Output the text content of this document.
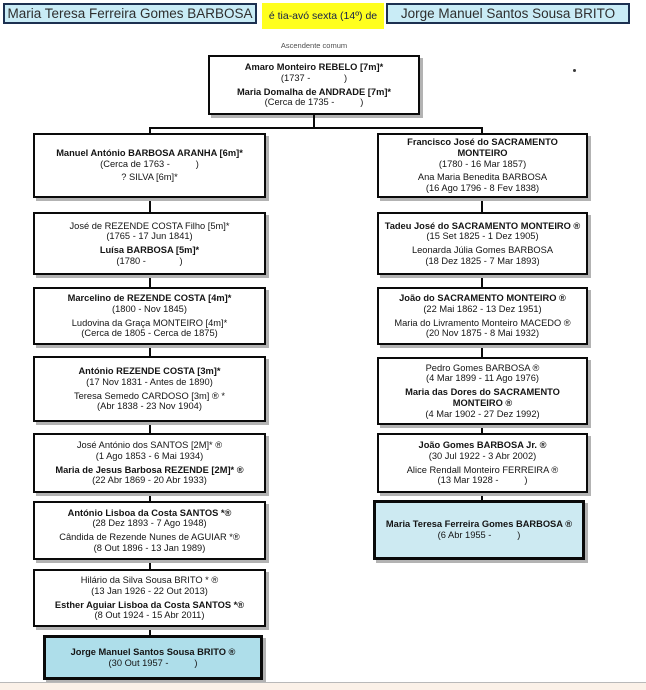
Maria Teresa Ferreira Gomes BARBOSA	é tia-avó sexta (14º) de	Jorge Manuel Santos Sousa BRITO
Ascendente comum
Amaro Monteiro REBELO [7m]*
(1737 -             )
Maria Domalha de ANDRADE [7m]*
(Cerca de 1735 -          )
Manuel António BARBOSA ARANHA [6m]*
(Cerca de 1763 -          )
? SILVA [6m]*
José de REZENDE COSTA Filho [5m]*
(1765 - 17 Jun 1841)
Luísa BARBOSA [5m]*
(1780 -             )
Marcelino de REZENDE COSTA [4m]*
(1800 - Nov 1845)
Ludovina da Graça MONTEIRO [4m]*
(Cerca de 1805 - Cerca de 1875)
António REZENDE COSTA [3m]*
(17 Nov 1831 - Antes de 1890)
Teresa Semedo CARDOSO [3m] ® *
(Abr 1838 - 23 Nov 1904)
José António dos SANTOS [2M]* ®
(1 Ago 1853 - 6 Mai 1934)
Maria de Jesus Barbosa REZENDE [2M]* ®
(22 Abr 1869 - 20 Abr 1933)
António Lisboa da Costa SANTOS *®
(28 Dez 1893 - 7 Ago 1948)
Cândida de Rezende Nunes de AGUIAR *®
(8 Out 1896 - 13 Jan 1989)
Hilário da Silva Sousa BRITO * ®
(13 Jan 1926 - 22 Out 2013)
Esther Aguiar Lisboa da Costa SANTOS *®
(8 Out 1924 - 15 Abr 2011)
Jorge Manuel Santos Sousa BRITO ®
(30 Out 1957 -          )
Francisco José do SACRAMENTO MONTEIRO
(1780 - 16 Mar 1857)
Ana Maria Benedita BARBOSA
(16 Ago 1796 - 8 Fev 1838)
Tadeu José do SACRAMENTO MONTEIRO ®
(15 Set 1825 - 1 Dez 1905)
Leonarda Júlia Gomes BARBOSA
(18 Dez 1825 - 7 Mar 1893)
João do SACRAMENTO MONTEIRO ®
(22 Mai 1862 - 13 Dez 1951)
Maria do Livramento Monteiro MACEDO ®
(20 Nov 1875 - 8 Mai 1932)
Pedro Gomes BARBOSA ®
(4 Mar 1899 - 11 Ago 1976)
Maria das Dores do SACRAMENTO MONTEIRO ®
(4 Mar 1902 - 27 Dez 1992)
João Gomes BARBOSA Jr. ®
(30 Jul 1922 - 3 Abr 2002)
Alice Rendall Monteiro FERREIRA ®
(13 Mar 1928 -          )
Maria Teresa Ferreira Gomes BARBOSA ®
(6 Abr 1955 -          )
